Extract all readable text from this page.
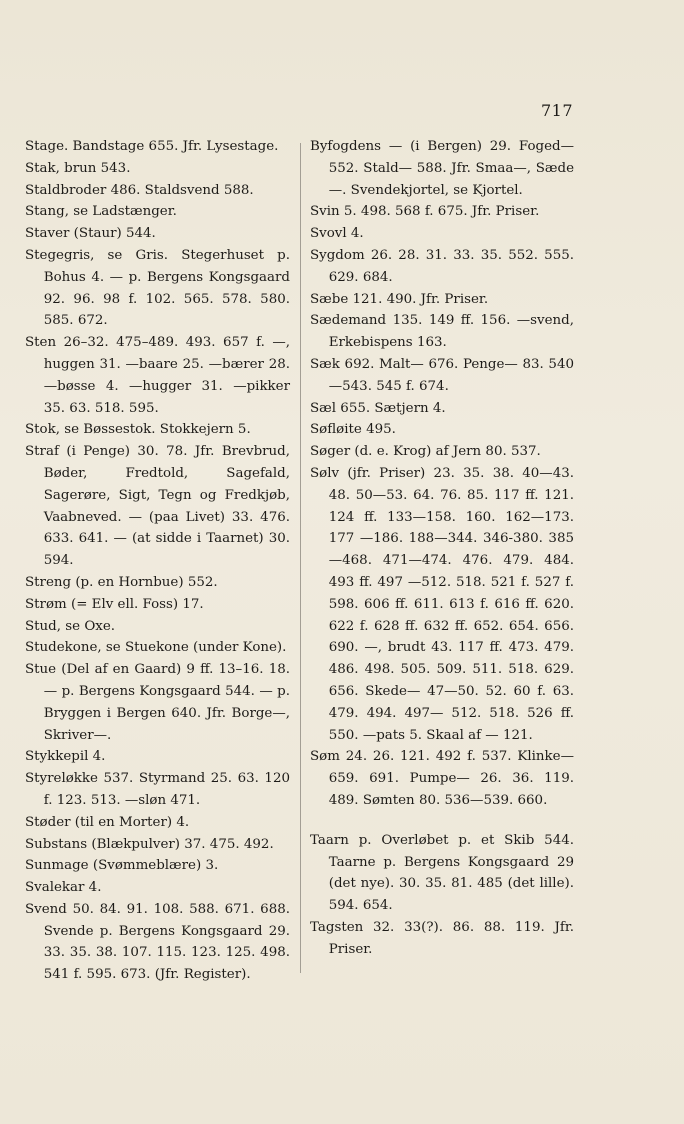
717

Stage. Bandstage 655. Jfr. Lysestage.

Stak, brun 543.

Staldbroder 486. Staldsvend 588.

Stang, se Ladstænger.

Staver (Staur) 544.

Stegegris, se Gris. Stegerhuset p. Bohus 4. — p. Bergens Kongsgaard 92. 96. 98 f. 102. 565. 578. 580. 585. 672.

Sten 26–32. 475–489. 493. 657 f. —, huggen 31. —baare 25. —bærer 28. —bøsse 4. —hugger 31. —pikker 35. 63. 518. 595.

Stok, se Bøssestok. Stokkejern 5.

Straf (i Penge) 30. 78. Jfr. Brevbrud, Bøder, Fredtold, Sagefald, Sagerøre, Sigt, Tegn og Fredkjøb, Vaabneved. — (paa Livet) 33. 476. 633. 641. — (at sidde i Taarnet) 30. 594.

Streng (p. en Hornbue) 552.

Strøm (= Elv ell. Foss) 17.

Stud, se Oxe.

Studekone, se Stuekone (under Kone).

Stue (Del af en Gaard) 9 ff. 13–16. 18. — p. Bergens Kongsgaard 544. — p. Bryggen i Bergen 640. Jfr. Borge—, Skriver—.

Stykkepil 4.

Styreløkke 537. Styrmand 25. 63. 120 f. 123. 513. —sløn 471.

Støder (til en Morter) 4.

Substans (Blækpulver) 37. 475. 492.

Sunmage (Svømmeblære) 3.

Svalekar 4.

Svend 50. 84. 91. 108. 588. 671. 688. Svende p. Bergens Kongsgaard 29. 33. 35. 38. 107. 115. 123. 125. 498. 541 f. 595. 673. (Jfr. Register).

Byfogdens — (i Bergen) 29. Foged— 552. Stald— 588. Jfr. Smaa—, Sæde—. Svendekjortel, se Kjortel.

Svin 5. 498. 568 f. 675. Jfr. Priser.

Svovl 4.

Sygdom 26. 28. 31. 33. 35. 552. 555. 629. 684.

Sæbe 121. 490. Jfr. Priser.

Sædemand 135. 149 ff. 156. —svend, Erkebispens 163.

Sæk 692. Malt— 676. Penge— 83. 540—543. 545 f. 674.

Sæl 655. Sætjern 4.

Søfløite 495.

Søger (d. e. Krog) af Jern 80. 537.

Sølv (jfr. Priser) 23. 35. 38. 40—43. 48. 50—53. 64. 76. 85. 117 ff. 121. 124 ff. 133—158. 160. 162—173. 177 —186. 188—344. 346-380. 385—468. 471—474. 476. 479. 484. 493 ff. 497 —512. 518. 521 f. 527 f. 598. 606 ff. 611. 613 f. 616 ff. 620. 622 f. 628 ff. 632 ff. 652. 654. 656. 690. —, brudt 43. 117 ff. 473. 479. 486. 498. 505. 509. 511. 518. 629. 656. Skede— 47—50. 52. 60 f. 63. 479. 494. 497— 512. 518. 526 ff. 550. —pats 5. Skaal af — 121.

Søm 24. 26. 121. 492 f. 537. Klinke— 659. 691. Pumpe— 26. 36. 119. 489. Sømten 80. 536—539. 660.

Taarn p. Overløbet p. et Skib 544. Taarne p. Bergens Kongsgaard 29 (det nye). 30. 35. 81. 485 (det lille). 594. 654.

Tagsten 32. 33(?). 86. 88. 119. Jfr. Priser.
